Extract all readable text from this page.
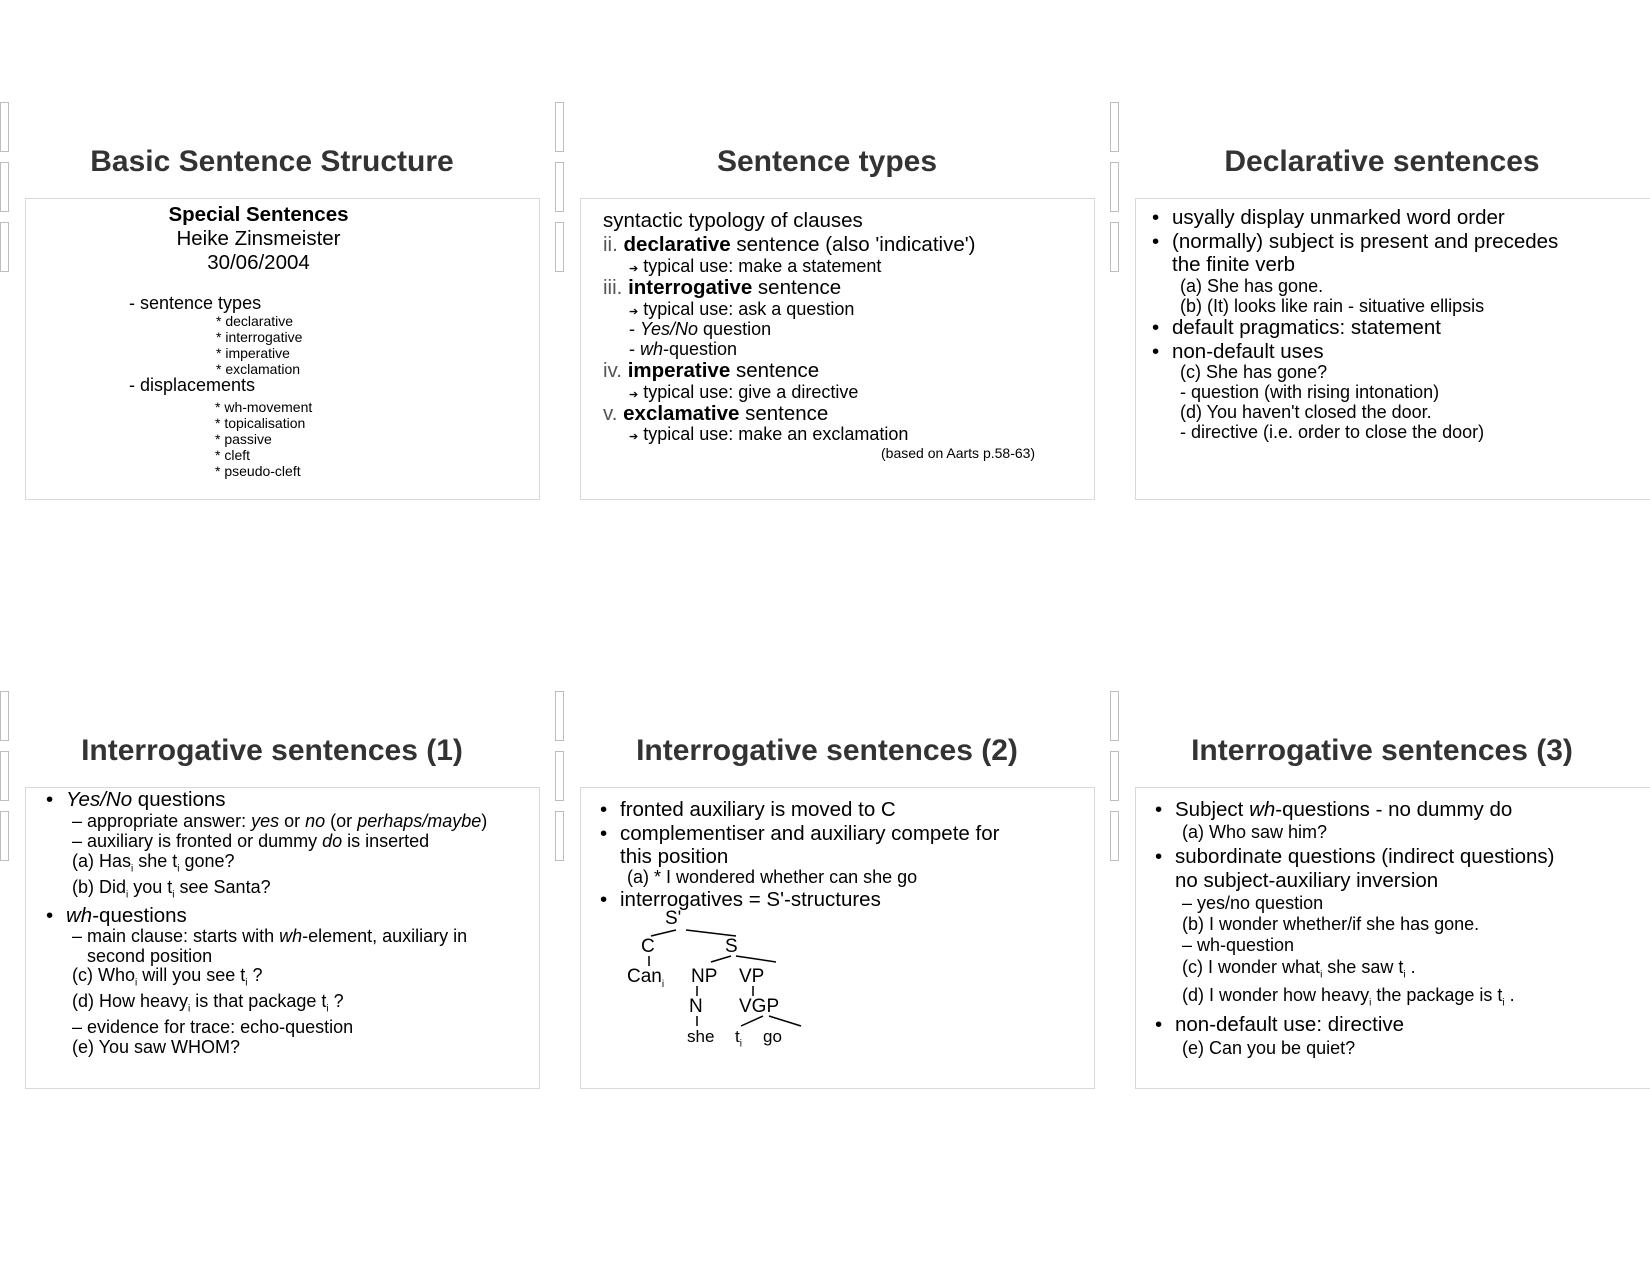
Basic Sentence Structure
Special Sentences
Heike Zinsmeister
30/06/2004
- sentence types
* declarative
* interrogative
* imperative
* exclamation
- displacements
* wh-movement
* topicalisation
* passive
* cleft
* pseudo-cleft
Sentence types
syntactic typology of clauses
ii. declarative sentence (also 'indicative')
➔ typical use: make a statement
iii. interrogative sentence
➔ typical use: ask a question
- Yes/No question
- wh-question
iv. imperative sentence
➔ typical use: give a directive
v. exclamative sentence
➔ typical use: make an exclamation
(based on Aarts p.58-63)
Declarative sentences
• usyally display unmarked word order
• (normally) subject is present and precedes
the finite verb
(a) She has gone.
(b) (It) looks like rain - situative ellipsis
• default pragmatics: statement
• non-default uses
(c) She has gone?
- question (with rising intonation)
(d) You haven't closed the door.
- directive (i.e. order to close the door)
Interrogative sentences (1)
• Yes/No questions
– appropriate answer: yes or no (or perhaps/maybe)
– auxiliary is fronted or dummy do is inserted
(a) Has$_i$ she $t_i$ gone?
(b) Did$_i$ you $t_i$ see Santa?
• wh-questions
– main clause: starts with wh-element, auxiliary in
second position
(c) Who$_i$ will you see $t_i$ ?
(d) How heavy$_i$ is that package $t_i$ ?
– evidence for trace: echo-question
(e) You saw WHOM?
Interrogative sentences (2)
• fronted auxiliary is moved to C
• complementiser and auxiliary compete for
this position
(a) * I wondered whether can she go
• interrogatives = S'-structures
S'
C	S
Can$_i$ NP VP
N VGP
she $t_i$ go
Interrogative sentences (3)
• Subject wh-questions - no dummy do
(a) Who saw him?
• subordinate questions (indirect questions)
no subject-auxiliary inversion
– yes/no question
(b) I wonder whether/if she has gone.
– wh-question
(c) I wonder what$_i$ she saw $t_i$ .
(d) I wonder how heavy$_i$ the package is $t_i$ .
• non-default use: directive
(e) Can you be quiet?
